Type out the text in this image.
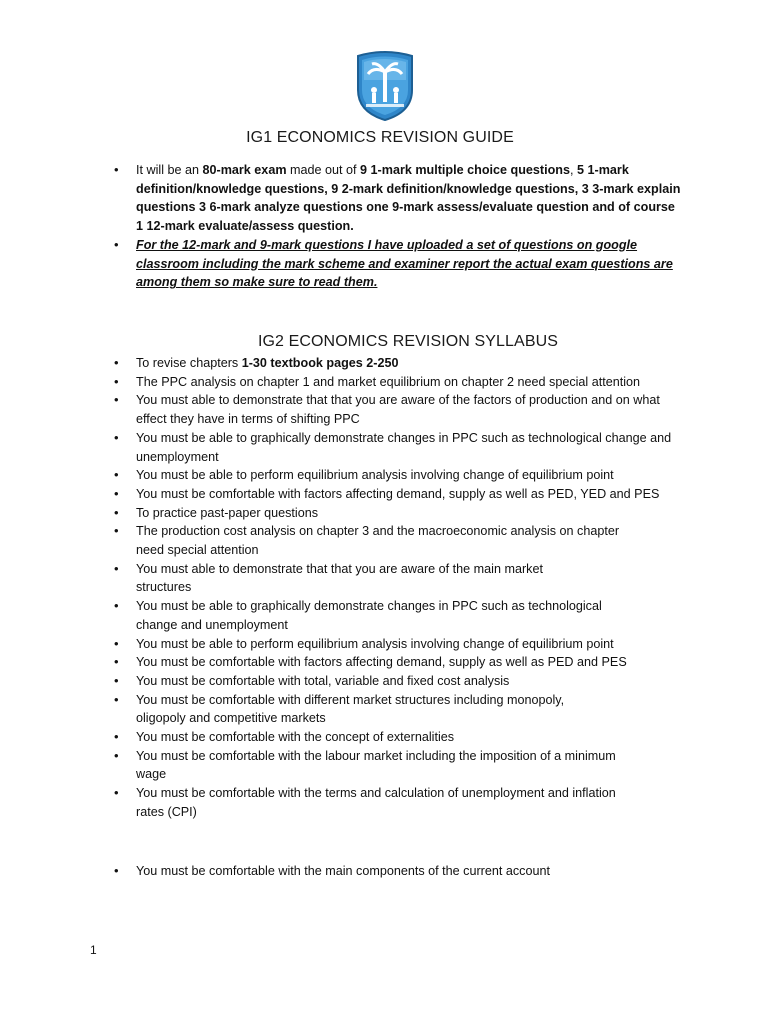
IG1 ECONOMICS REVISION GUIDE
• It will be an 80-mark exam made out of 9 1-mark multiple choice questions, 5 1-mark definition/knowledge questions, 9 2-mark definition/knowledge questions, 3 3-mark explain questions 3 6-mark analyze questions one 9-mark assess/evaluate question and of course 1 12-mark evaluate/assess question.
• For the 12-mark and 9-mark questions I have uploaded a set of questions on google classroom including the mark scheme and examiner report the actual exam questions are among them so make sure to read them.
IG2 ECONOMICS REVISION SYLLABUS
• To revise chapters 1-30 textbook pages 2-250
• The PPC analysis on chapter 1 and market equilibrium on chapter 2 need special attention
• You must able to demonstrate that that you are aware of the factors of production and on what effect they have in terms of shifting PPC
• You must be able to graphically demonstrate changes in PPC such as technological change and unemployment
• You must be able to perform equilibrium analysis involving change of equilibrium point
• You must be comfortable with factors affecting demand, supply as well as PED, YED and PES
• To practice past-paper questions
• The production cost analysis on chapter 3 and the macroeconomic analysis on chapter need special attention
• You must able to demonstrate that that you are aware of the main market structures
• You must be able to graphically demonstrate changes in PPC such as technological change and unemployment
• You must be able to perform equilibrium analysis involving change of equilibrium point
• You must be comfortable with factors affecting demand, supply as well as PED and PES
• You must be comfortable with total, variable and fixed cost analysis
• You must be comfortable with different market structures including monopoly, oligopoly and competitive markets
• You must be comfortable with the concept of externalities
• You must be comfortable with the labour market including the imposition of a minimum wage
• You must be comfortable with the terms and calculation of unemployment and inflation rates (CPI)
• You must be comfortable with the main components of the current account
1
